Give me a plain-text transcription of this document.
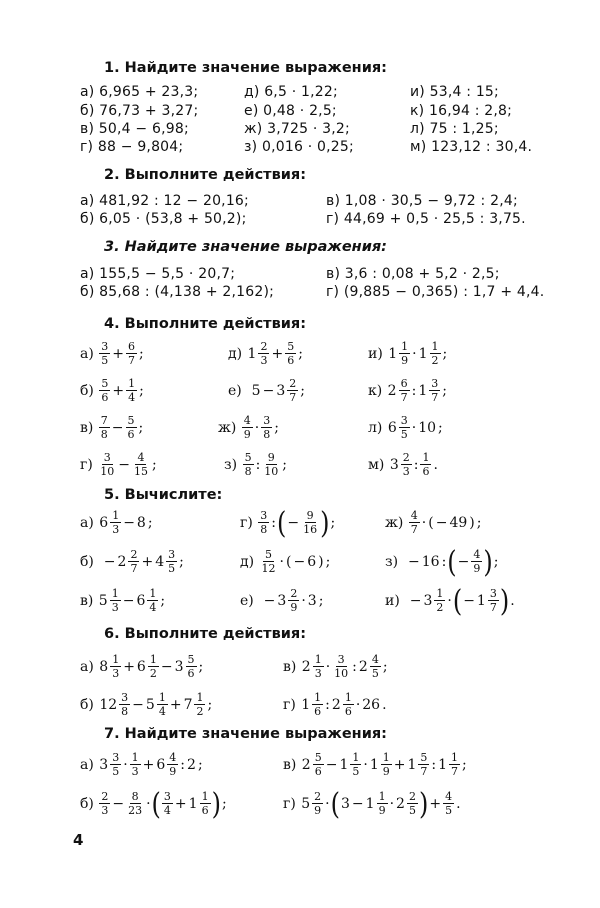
1. Найдите значение выражения:
а) 6,965 + 23,3;
б) 76,73 + 3,27;
в) 50,4 − 6,98;
г) 88 − 9,804;
д) 6,5 · 1,22;
е) 0,48 · 2,5;
ж) 3,725 · 3,2;
з) 0,016 · 0,25;
и) 53,4 : 15;
к) 16,94 : 2,8;
л) 75 : 1,25;
м) 123,12 : 30,4.
2. Выполните действия:
а) 481,92 : 12 − 20,16;
б) 6,05 · (53,8 + 50,2);
в) 1,08 · 30,5 − 9,72 : 2,4;
г) 44,69 + 0,5 · 25,5 : 3,75.
3. Найдите значение выражения:
а) 155,5 − 5,5 · 20,7;
б) 85,68 : (4,138 + 2,162);
в) 3,6 : 0,08 + 5,2 · 2,5;
г) (9,885 − 0,365) : 1,7 + 4,4.
4. Выполните действия:
а)
3
$5 + \frac{6}{7}$ ;
б)
5
$6 + \frac{1}{4}$ ;
в)
7
$8 - \frac{5}{6}$ ;
г)
3
$10 - \frac{4}{15}$ ;
д)
1 2
$3 + \frac{5}{6}$ ;
е)
5 − 3 2
7 ;
ж)
4
9 · 3
8 ;
з)
5
8 : 9
10 ;
и)
1 1
9 · 1 1
2 ;
к)
2 6
7 : 1 3
7 ;
л)
6 3
5 · 10 ;
м)
3 2
3 : 1
6 .
5. Вычислите:
а)
6 1
3 − 8 ;
б)
− 2 2
7 + 4 3
5 ;
в)
5 1
3 − 6 1
4 ;
г)
3
8 : ( − $\frac{9}{16}$ ) ;
д)
5
12 · ( − 6 ) ;
е)
− 3 2
9 · 3 ;
ж)
4
7 · ( − 49 ) ;
з)
− 16 : ( − $\frac{4}{9}$ ) ;
и)
− 3 1
2 · ( − 1 3
7 ) .
6. Выполните действия:
а)
8 1
3 + 6 1
2 − 3 5
6 ;
б)
12 3
8 − 5 1
4 + 7 1
2 ;
в)
2 1
3 · 3
10 : 2 4
5 ;
г)
1 1
6 : 2 1
6 · 26 .
7. Найдите значение выражения:
а)
3 3
5 · 1
3 + 6 4
9 : 2 ;
б)
2
$3 - \frac{8}{23}$ · ( 3
4 + 1 1
6 ) ;
в)
2 5
6 − 1 1
5 · 1 1
9 + 1 5
7 : 1 1
7 ;
г)
5 2
9 · ( 3 − 1 1
9 · 2 2
5 ) + $\frac{4}{5}$ .
4
